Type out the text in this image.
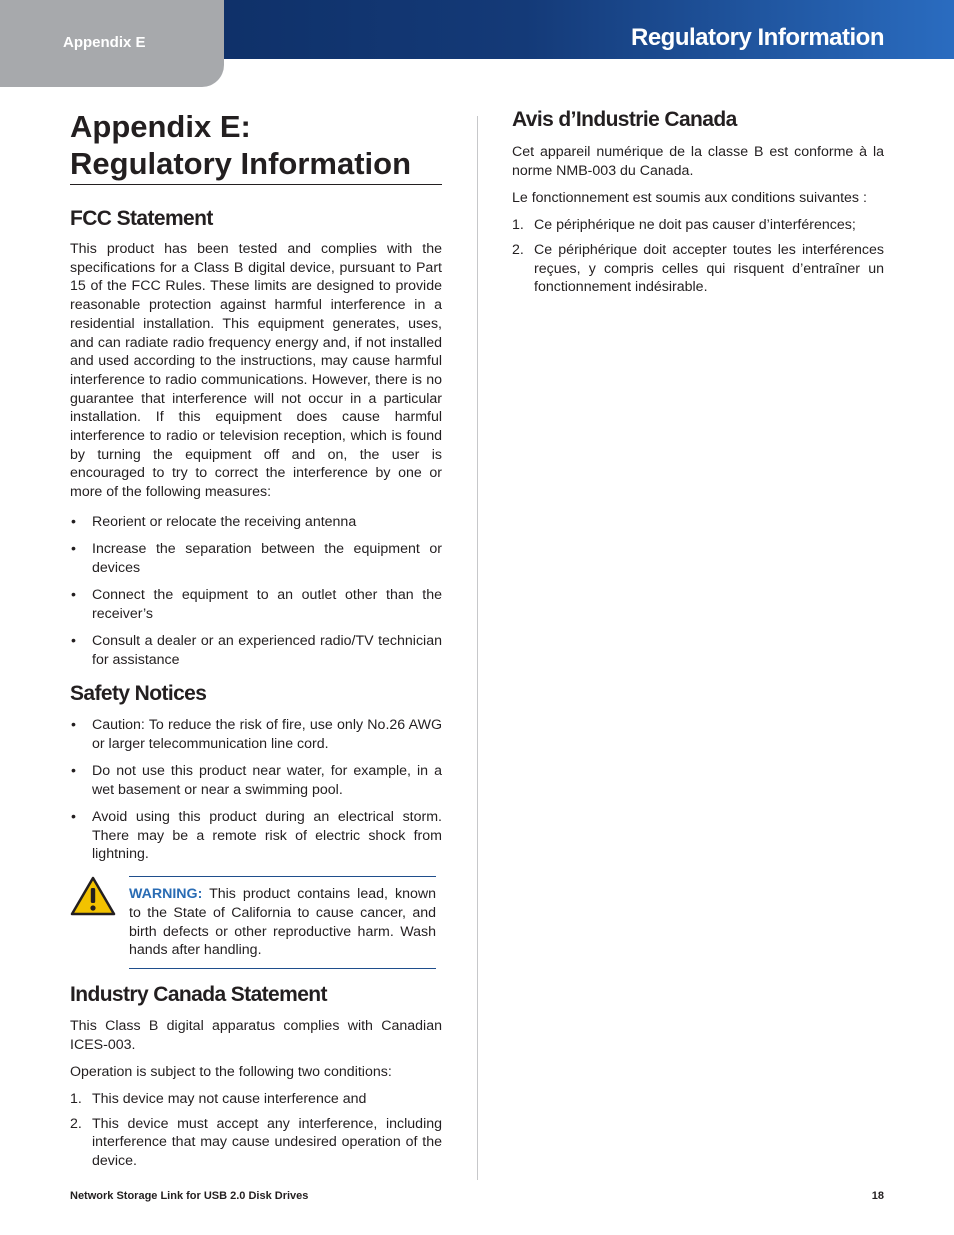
Appendix E	Regulatory Information
Appendix E:
Regulatory Information
FCC Statement

This product has been tested and complies with the specifications for a Class B digital device, pursuant to Part 15 of the FCC Rules. These limits are designed to provide reasonable protection against harmful interference in a residential installation. This equipment generates, uses, and can radiate radio frequency energy and, if not installed and used according to the instructions, may cause harmful interference to radio communications. However, there is no guarantee that interference will not occur in a particular installation. If this equipment does cause harmful interference to radio or television reception, which is found by turning the equipment off and on, the user is encouraged to try to correct the interference by one or more of the following measures:

• Reorient or relocate the receiving antenna
• Increase the separation between the equipment or devices
• Connect the equipment to an outlet other than the receiver’s
• Consult a dealer or an experienced radio/TV technician for assistance
Safety Notices
• Caution: To reduce the risk of fire, use only No.26 AWG or larger telecommunication line cord.
• Do not use this product near water, for example, in a wet basement or near a swimming pool.
• Avoid using this product during an electrical storm. There may be a remote risk of electric shock from lightning.

WARNING: This product contains lead, known to the State of California to cause cancer, and birth defects or other reproductive harm. Wash hands after handling.

Industry Canada Statement

This Class B digital apparatus complies with Canadian ICES-003.

Operation is subject to the following two conditions:

1. This device may not cause interference and
2. This device must accept any interference, including interference that may cause undesired operation of the device.
Avis d’Industrie Canada

Cet appareil numérique de la classe B est conforme à la norme NMB-003 du Canada.

Le fonctionnement est soumis aux conditions suivantes :

1. Ce périphérique ne doit pas causer d’interférences;
2. Ce périphérique doit accepter toutes les interférences reçues, y compris celles qui risquent d’entraîner un fonctionnement indésirable.
Network Storage Link for USB 2.0 Disk Drives	18
